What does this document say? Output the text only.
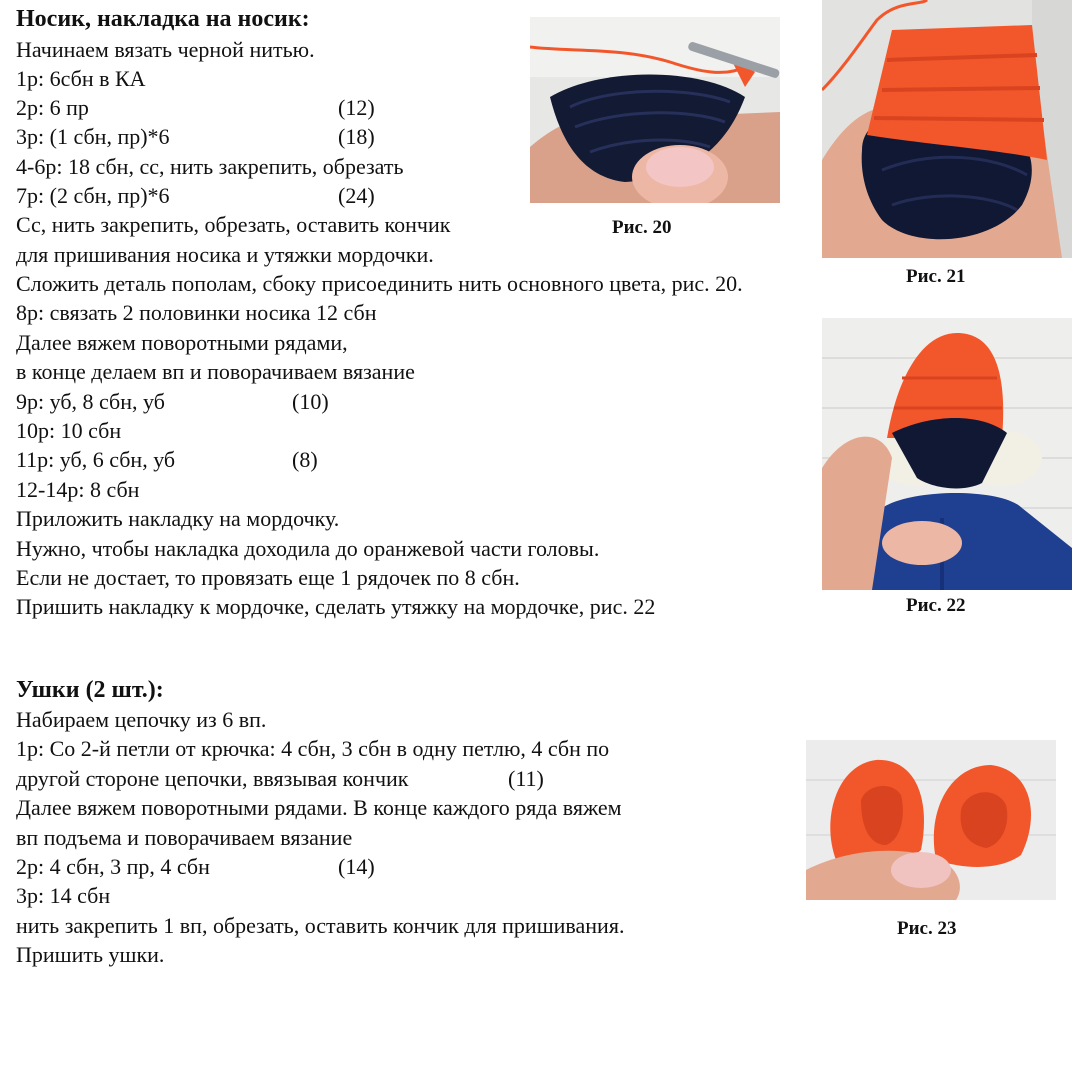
Носик, накладка на носик:
Начинаем вязать черной нитью.
1р: 6сбн в КА
2р: 6 пр
3р: (1 сбн, пр)*6
4-6р: 18 сбн, сс, нить закрепить, обрезать
7р: (2 сбн, пр)*6
Сс, нить закрепить, обрезать, оставить кончик
для пришивания носика и утяжки мордочки.
Сложить деталь пополам, сбоку присоединить нить основного цвета, рис. 20.
8р: связать 2 половинки носика 12 сбн
Далее вяжем поворотными рядами,
в конце делаем вп и поворачиваем вязание
9р: уб, 8 сбн, уб
10р: 10 сбн
11р: уб, 6 сбн, уб
12-14р: 8 сбн
Приложить накладку на мордочку.
Нужно, чтобы накладка доходила до оранжевой части головы.
Если не достает, то провязать еще 1 рядочек по 8 сбн.
Пришить накладку к мордочке, сделать утяжку на мордочке, рис. 22
(12)
(18)
(24)
(10)
(8)
Ушки (2 шт.):
Набираем цепочку из 6 вп.
1р: Со 2-й петли от крючка: 4 сбн, 3 сбн в одну петлю, 4 сбн по
другой стороне цепочки, ввязывая кончик
Далее вяжем поворотными рядами. В конце каждого ряда вяжем
вп подъема и поворачиваем вязание
2р: 4 сбн, 3 пр, 4 сбн
3р: 14 сбн
нить закрепить 1 вп, обрезать, оставить кончик для пришивания.
Пришить ушки.
(11)
(14)
Рис. 20
Рис. 21
Рис. 22
Рис. 23
